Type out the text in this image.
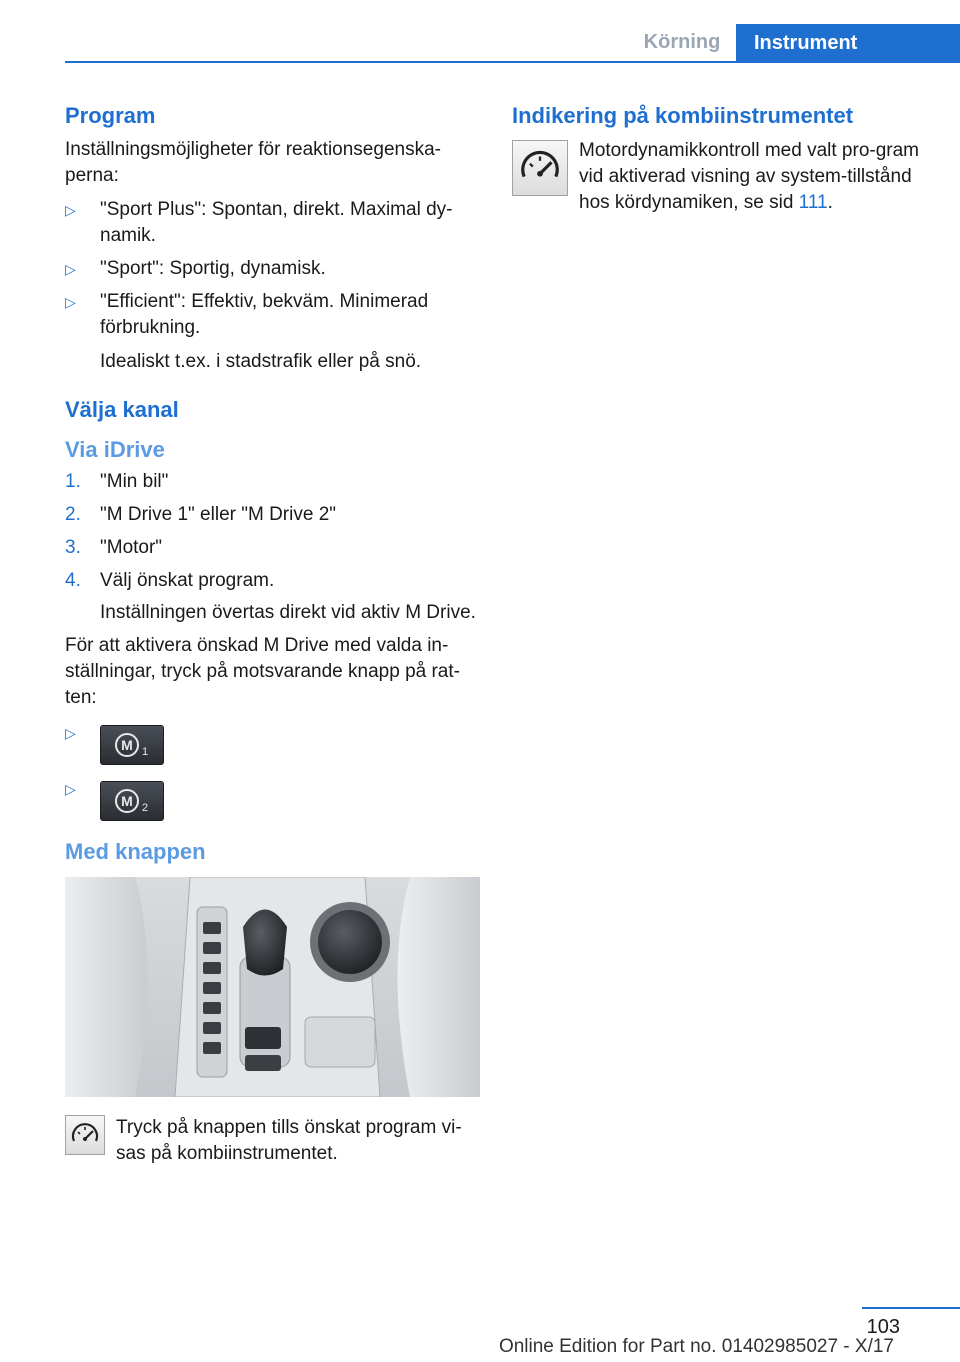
Körning	Instrument
Program

Inställningsmöjligheter för reaktionsegenska-perna:

▷ "Sport Plus": Spontan, direkt. Maximal dy-namik.
▷ "Sport": Sportig, dynamisk.
▷ "Efficient": Effektiv, bekväm. Minimerad förbrukning.
Idealiskt t.ex. i stadstrafik eller på snö.
Välja kanal
Via iDrive
1. "Min bil"
2. "M Drive 1" eller "M Drive 2"
3. "Motor"
4. Välj önskat program.
Inställningen övertas direkt vid aktiv M Drive.

För att aktivera önskad M Drive med valda in-ställningar, tryck på motsvarande knapp på rat-ten:

▷
M 1
▷
M 2
Med knappen

Tryck på knappen tills önskat program vi-sas på kombiinstrumentet.

Indikering på kombiinstrumentet

Motordynamikkontroll med valt pro-gram vid aktiverad visning av system-tillstånd hos kördynamiken, se sid 111.

103
Online Edition for Part no. 01402985027 - X/17
